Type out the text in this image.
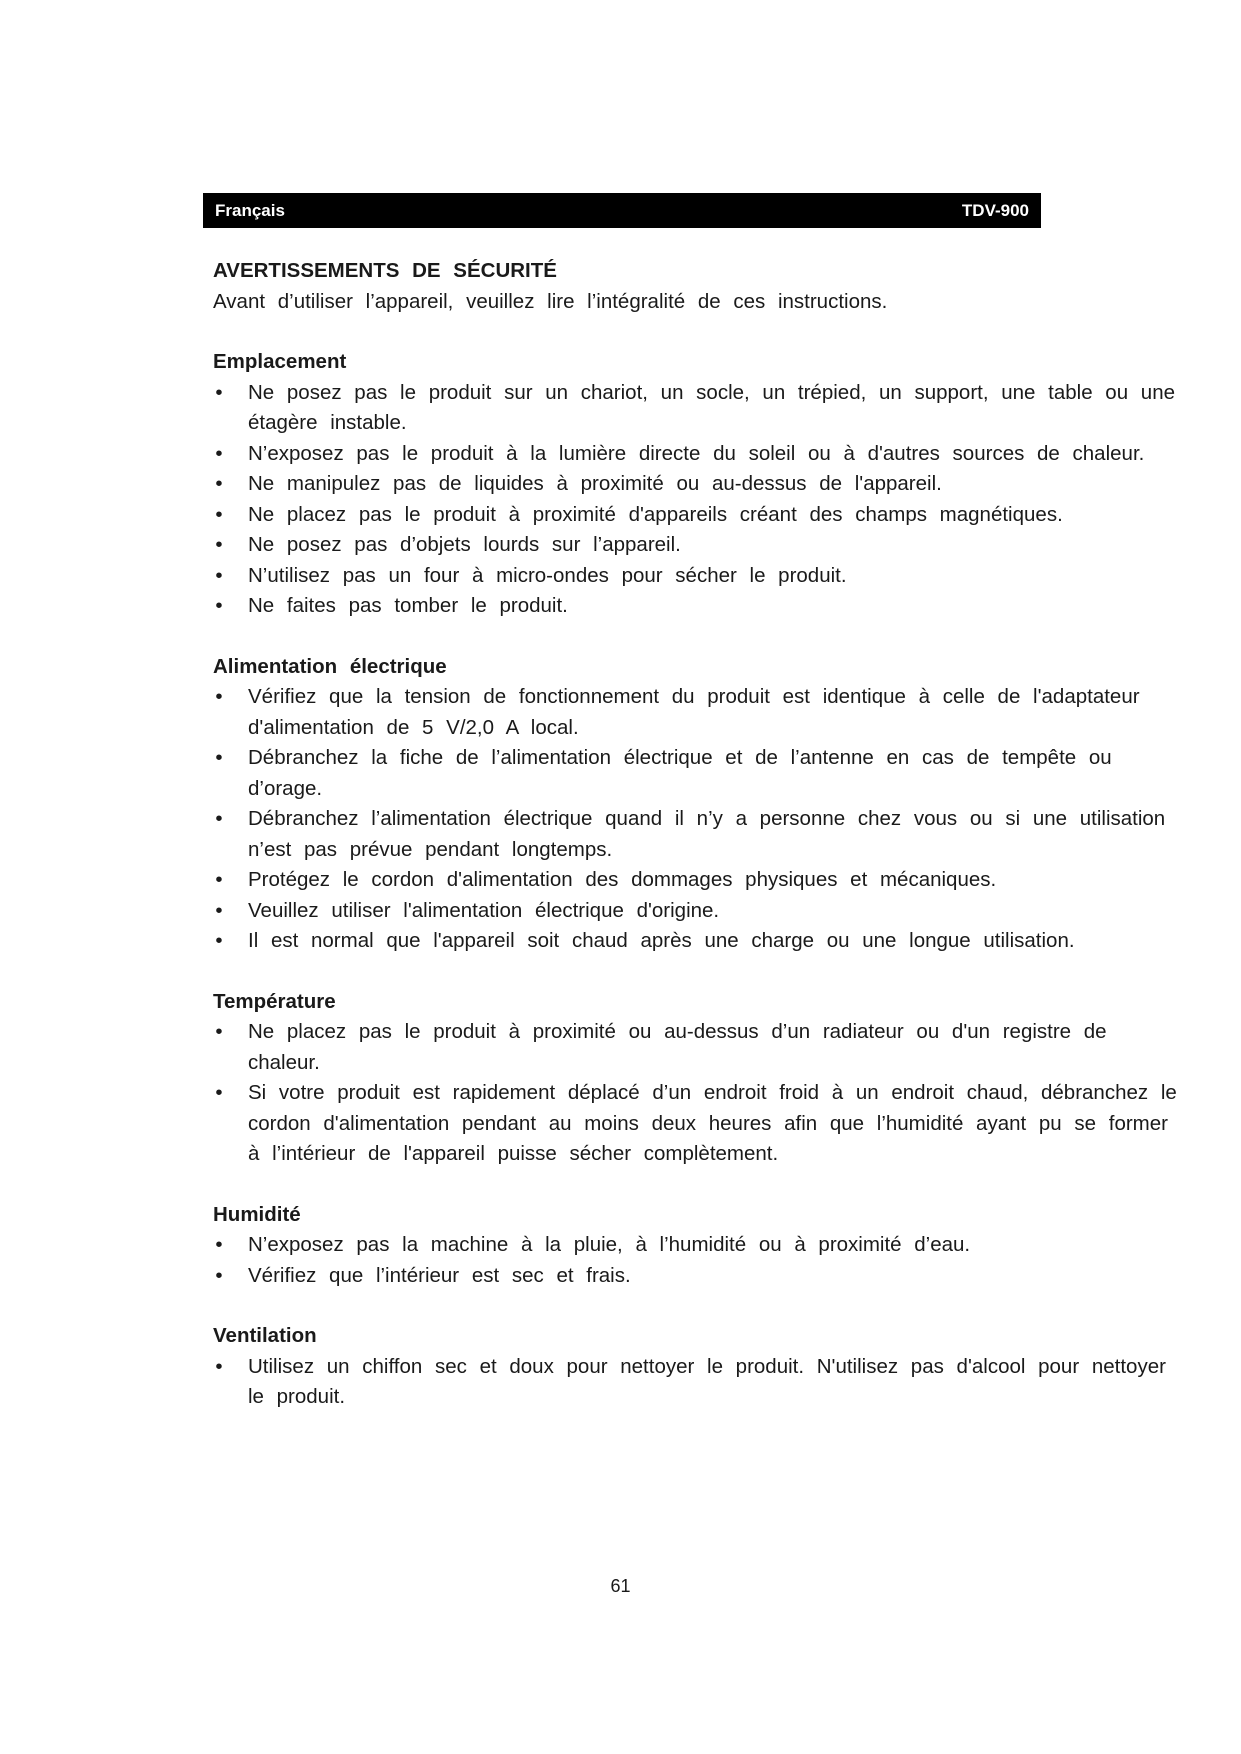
Français	TDV-900

AVERTISSEMENTS DE SÉCURITÉ

Avant d’utiliser l’appareil, veuillez lire l’intégralité de ces instructions.

Emplacement

• Ne posez pas le produit sur un chariot, un socle, un trépied, un support, une table ou une étagère instable.
• N’exposez pas le produit à la lumière directe du soleil ou à d'autres sources de chaleur.
• Ne manipulez pas de liquides à proximité ou au-dessus de l'appareil.
• Ne placez pas le produit à proximité d'appareils créant des champs magnétiques.
• Ne posez pas d’objets lourds sur l’appareil.
• N’utilisez pas un four à micro-ondes pour sécher le produit.
• Ne faites pas tomber le produit.

Alimentation électrique

• Vérifiez que la tension de fonctionnement du produit est identique à celle de l'adaptateur d'alimentation de 5 V/2,0 A local.
• Débranchez la fiche de l’alimentation électrique et de l’antenne en cas de tempête ou d’orage.
• Débranchez l’alimentation électrique quand il n’y a personne chez vous ou si une utilisation n’est pas prévue pendant longtemps.
• Protégez le cordon d'alimentation des dommages physiques et mécaniques.
• Veuillez utiliser l'alimentation électrique d'origine.
• Il est normal que l'appareil soit chaud après une charge ou une longue utilisation.

Température

• Ne placez pas le produit à proximité ou au-dessus d’un radiateur ou d'un registre de chaleur.
• Si votre produit est rapidement déplacé d’un endroit froid à un endroit chaud, débranchez le cordon d'alimentation pendant au moins deux heures afin que l’humidité ayant pu se former à l’intérieur de l'appareil puisse sécher complètement.

Humidité

• N’exposez pas la machine à la pluie, à l’humidité ou à proximité d’eau.
• Vérifiez que l’intérieur est sec et frais.

Ventilation

• Utilisez un chiffon sec et doux pour nettoyer le produit. N'utilisez pas d'alcool pour nettoyer le produit.
61
